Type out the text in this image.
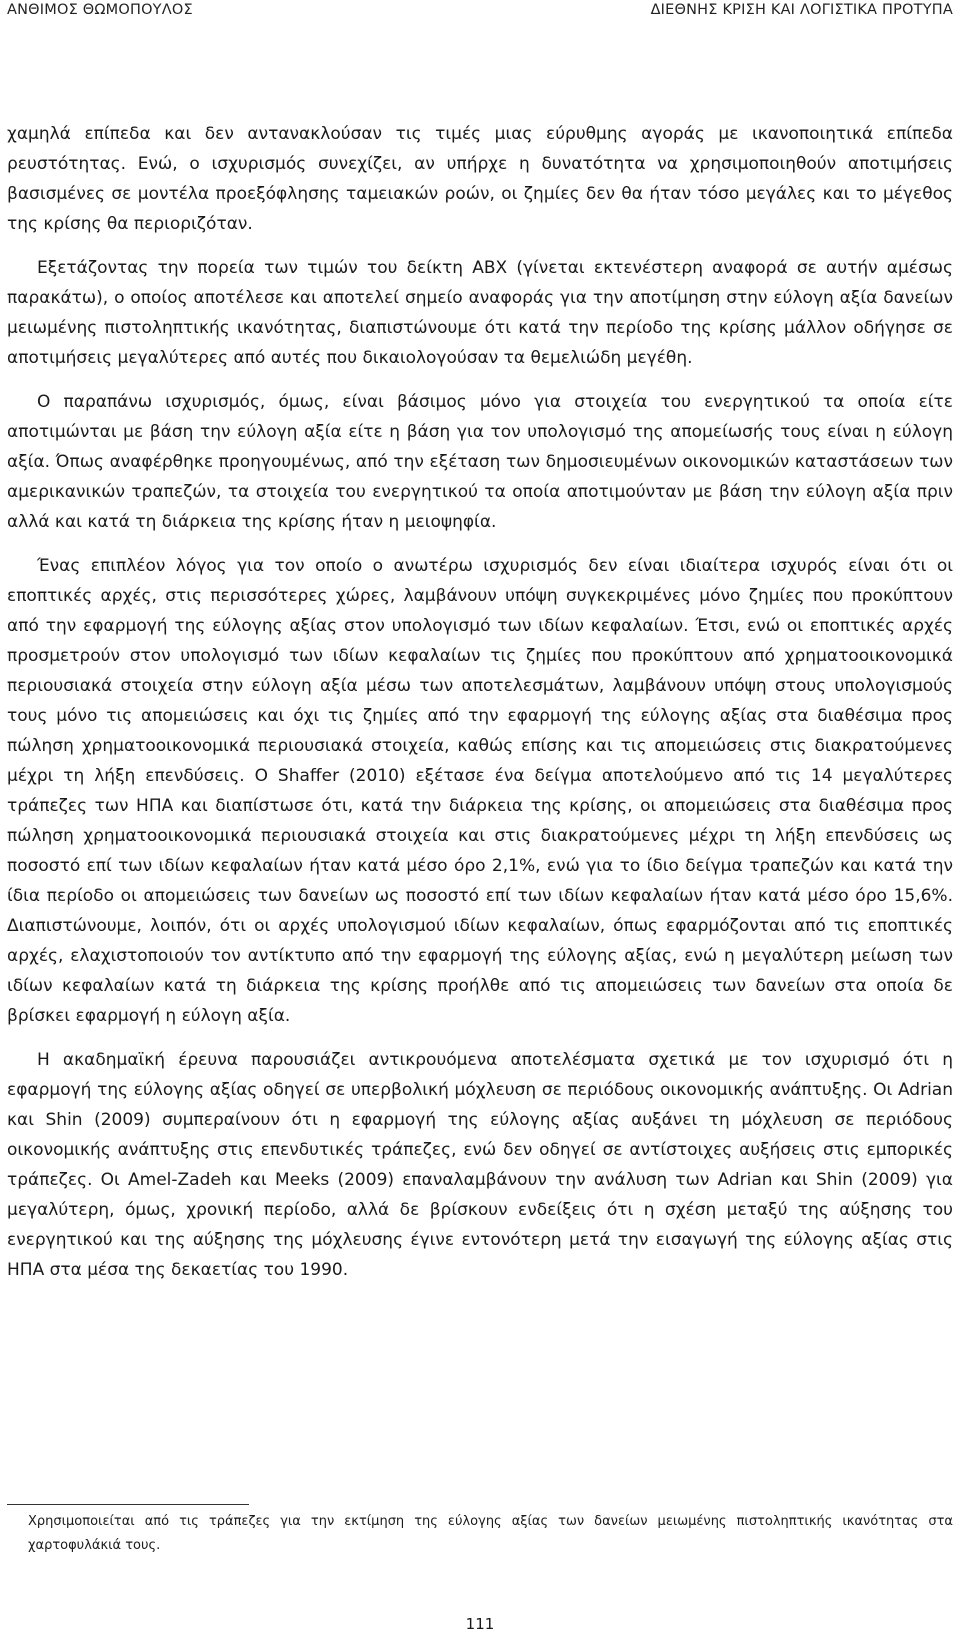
ΑΝΘΙΜΟΣ ΘΩΜΟΠΟΥΛΟΣ	ΔΙΕΘΝΗΣ ΚΡΙΣΗ ΚΑΙ ΛΟΓΙΣΤΙΚΑ ΠΡΟΤΥΠΑ

χαμηλά επίπεδα και δεν αντανακλούσαν τις τιμές μιας εύρυθμης αγοράς με ικανοποιητικά επίπεδα ρευστότητας. Ενώ, ο ισχυρισμός συνεχίζει, αν υπήρχε η δυνατότητα να χρησιμοποιηθούν αποτιμήσεις βασισμένες σε μοντέλα προεξόφλησης ταμειακών ροών, οι ζημίες δεν θα ήταν τόσο μεγάλες και το μέγεθος της κρίσης θα περιοριζόταν.

Εξετάζοντας την πορεία των τιμών του δείκτη ΑΒΧ (γίνεται εκτενέστερη αναφορά σε αυτήν αμέσως παρακάτω), ο οποίος αποτέλεσε και αποτελεί σημείο αναφοράς για την αποτίμηση στην εύλογη αξία δανείων μειωμένης πιστοληπτικής ικανότητας, διαπιστώνουμε ότι κατά την περίοδο της κρίσης μάλλον οδήγησε σε αποτιμήσεις μεγαλύτερες από αυτές που δικαιολογούσαν τα θεμελιώδη μεγέθη.

Ο παραπάνω ισχυρισμός, όμως, είναι βάσιμος μόνο για στοιχεία του ενεργητικού τα οποία είτε αποτιμώνται με βάση την εύλογη αξία είτε η βάση για τον υπολογισμό της απομείωσής τους είναι η εύλογη αξία. Όπως αναφέρθηκε προηγουμένως, από την εξέταση των δημοσιευμένων οικονομικών καταστάσεων των αμερικανικών τραπεζών, τα στοιχεία του ενεργητικού τα οποία αποτιμούνταν με βάση την εύλογη αξία πριν αλλά και κατά τη διάρκεια της κρίσης ήταν η μειοψηφία.

Ένας επιπλέον λόγος για τον οποίο ο ανωτέρω ισχυρισμός δεν είναι ιδιαίτερα ισχυρός είναι ότι οι εποπτικές αρχές, στις περισσότερες χώρες, λαμβάνουν υπόψη συγκεκριμένες μόνο ζημίες που προκύπτουν από την εφαρμογή της εύλογης αξίας στον υπολογισμό των ιδίων κεφαλαίων. Έτσι, ενώ οι εποπτικές αρχές προσμετρούν στον υπολογισμό των ιδίων κεφαλαίων τις ζημίες που προκύπτουν από χρηματοοικονομικά περιουσιακά στοιχεία στην εύλογη αξία μέσω των αποτελεσμάτων, λαμβάνουν υπόψη στους υπολογισμούς τους μόνο τις απομειώσεις και όχι τις ζημίες από την εφαρμογή της εύλογης αξίας στα διαθέσιμα προς πώληση χρηματοοικονομικά περιουσιακά στοιχεία, καθώς επίσης και τις απομειώσεις στις διακρατούμενες μέχρι τη λήξη επενδύσεις. Ο Shaffer (2010) εξέτασε ένα δείγμα αποτελούμενο από τις 14 μεγαλύτερες τράπεζες των ΗΠΑ και διαπίστωσε ότι, κατά την διάρκεια της κρίσης, οι απομειώσεις στα διαθέσιμα προς πώληση χρηματοοικονομικά περιουσιακά στοιχεία και στις διακρατούμενες μέχρι τη λήξη επενδύσεις ως ποσοστό επί των ιδίων κεφαλαίων ήταν κατά μέσο όρο 2,1%, ενώ για το ίδιο δείγμα τραπεζών και κατά την ίδια περίοδο οι απομειώσεις των δανείων ως ποσοστό επί των ιδίων κεφαλαίων ήταν κατά μέσο όρο 15,6%. Διαπιστώνουμε, λοιπόν, ότι οι αρχές υπολογισμού ιδίων κεφαλαίων, όπως εφαρμόζονται από τις εποπτικές αρχές, ελαχιστοποιούν τον αντίκτυπο από την εφαρμογή της εύλογης αξίας, ενώ η μεγαλύτερη μείωση των ιδίων κεφαλαίων κατά τη διάρκεια της κρίσης προήλθε από τις απομειώσεις των δανείων στα οποία δε βρίσκει εφαρμογή η εύλογη αξία.

Η ακαδημαϊκή έρευνα παρουσιάζει αντικρουόμενα αποτελέσματα σχετικά με τον ισχυρισμό ότι η εφαρμογή της εύλογης αξίας οδηγεί σε υπερβολική μόχλευση σε περιόδους οικονομικής ανάπτυξης. Οι Adrian και Shin (2009) συμπεραίνουν ότι η εφαρμογή της εύλογης αξίας αυξάνει τη μόχλευση σε περιόδους οικονομικής ανάπτυξης στις επενδυτικές τράπεζες, ενώ δεν οδηγεί σε αντίστοιχες αυξήσεις στις εμπορικές τράπεζες. Οι Amel-Zadeh και Meeks (2009) επαναλαμβάνουν την ανάλυση των Adrian και Shin (2009) για μεγαλύτερη, όμως, χρονική περίοδο, αλλά δε βρίσκουν ενδείξεις ότι η σχέση μεταξύ της αύξησης του ενεργητικού και της αύξησης της μόχλευσης έγινε εντονότερη μετά την εισαγωγή της εύλογης αξίας στις ΗΠΑ στα μέσα της δεκαετίας του 1990.

Χρησιμοποιείται από τις τράπεζες για την εκτίμηση της εύλογης αξίας των δανείων μειωμένης πιστοληπτικής ικανότητας στα χαρτοφυλάκιά τους.
111
